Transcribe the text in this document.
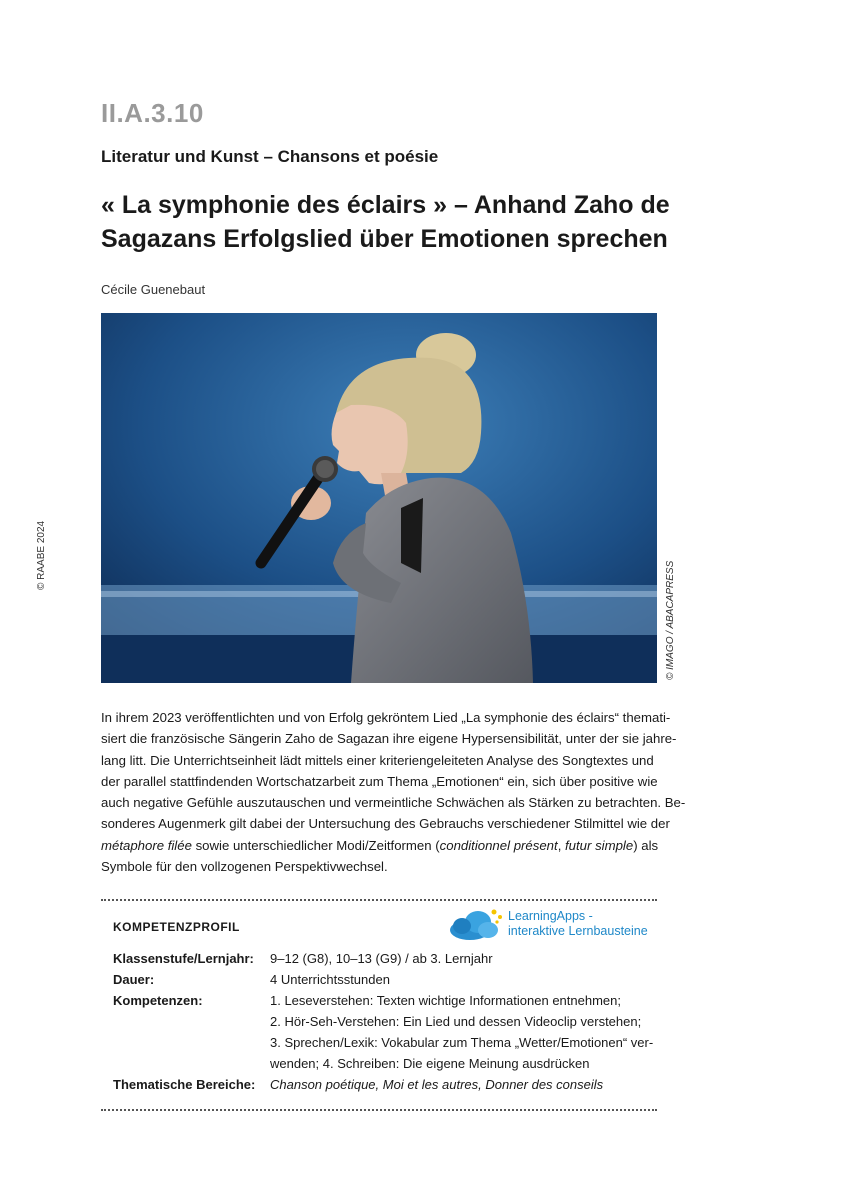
II.A.3.10
Literatur und Kunst – Chansons et poésie
« La symphonie des éclairs » – Anhand Zaho de
Sagazans Erfolgslied über Emotionen sprechen
Cécile Guenebaut
© RAABE 2024
© IMAGO / ABACAPRESS
In ihrem 2023 veröffentlichten und von Erfolg gekröntem Lied „La symphonie des éclairs“ themati-
siert die französische Sängerin Zaho de Sagazan ihre eigene Hypersensibilität, unter der sie jahre-
lang litt. Die Unterrichtseinheit lädt mittels einer kriteriengeleiteten Analyse des Songtextes und
der parallel stattfindenden Wortschatzarbeit zum Thema „Emotionen“ ein, sich über positive wie
auch negative Gefühle auszutauschen und vermeintliche Schwächen als Stärken zu betrachten. Be-
sonderes Augenmerk gilt dabei der Untersuchung des Gebrauchs verschiedener Stilmittel wie der
métaphore filée sowie unterschiedlicher Modi/Zeitformen (conditionnel présent, futur simple) als
Symbole für den vollzogenen Perspektivwechsel.
KOMPETENZPROFIL
LearningApps -
interaktive Lernbausteine
Klassenstufe/Lernjahr: 9–12 (G8), 10–13 (G9) / ab 3. Lernjahr
Dauer:	4 Unterrichtsstunden
Kompetenzen:	1. Leseverstehen: Texten wichtige Informationen entnehmen;
2. Hör-Seh-Verstehen: Ein Lied und dessen Videoclip verstehen;
3. Sprechen/Lexik: Vokabular zum Thema „Wetter/Emotionen“ ver-
wenden; 4. Schreiben: Die eigene Meinung ausdrücken
Thematische Bereiche: Chanson poétique, Moi et les autres, Donner des conseils
